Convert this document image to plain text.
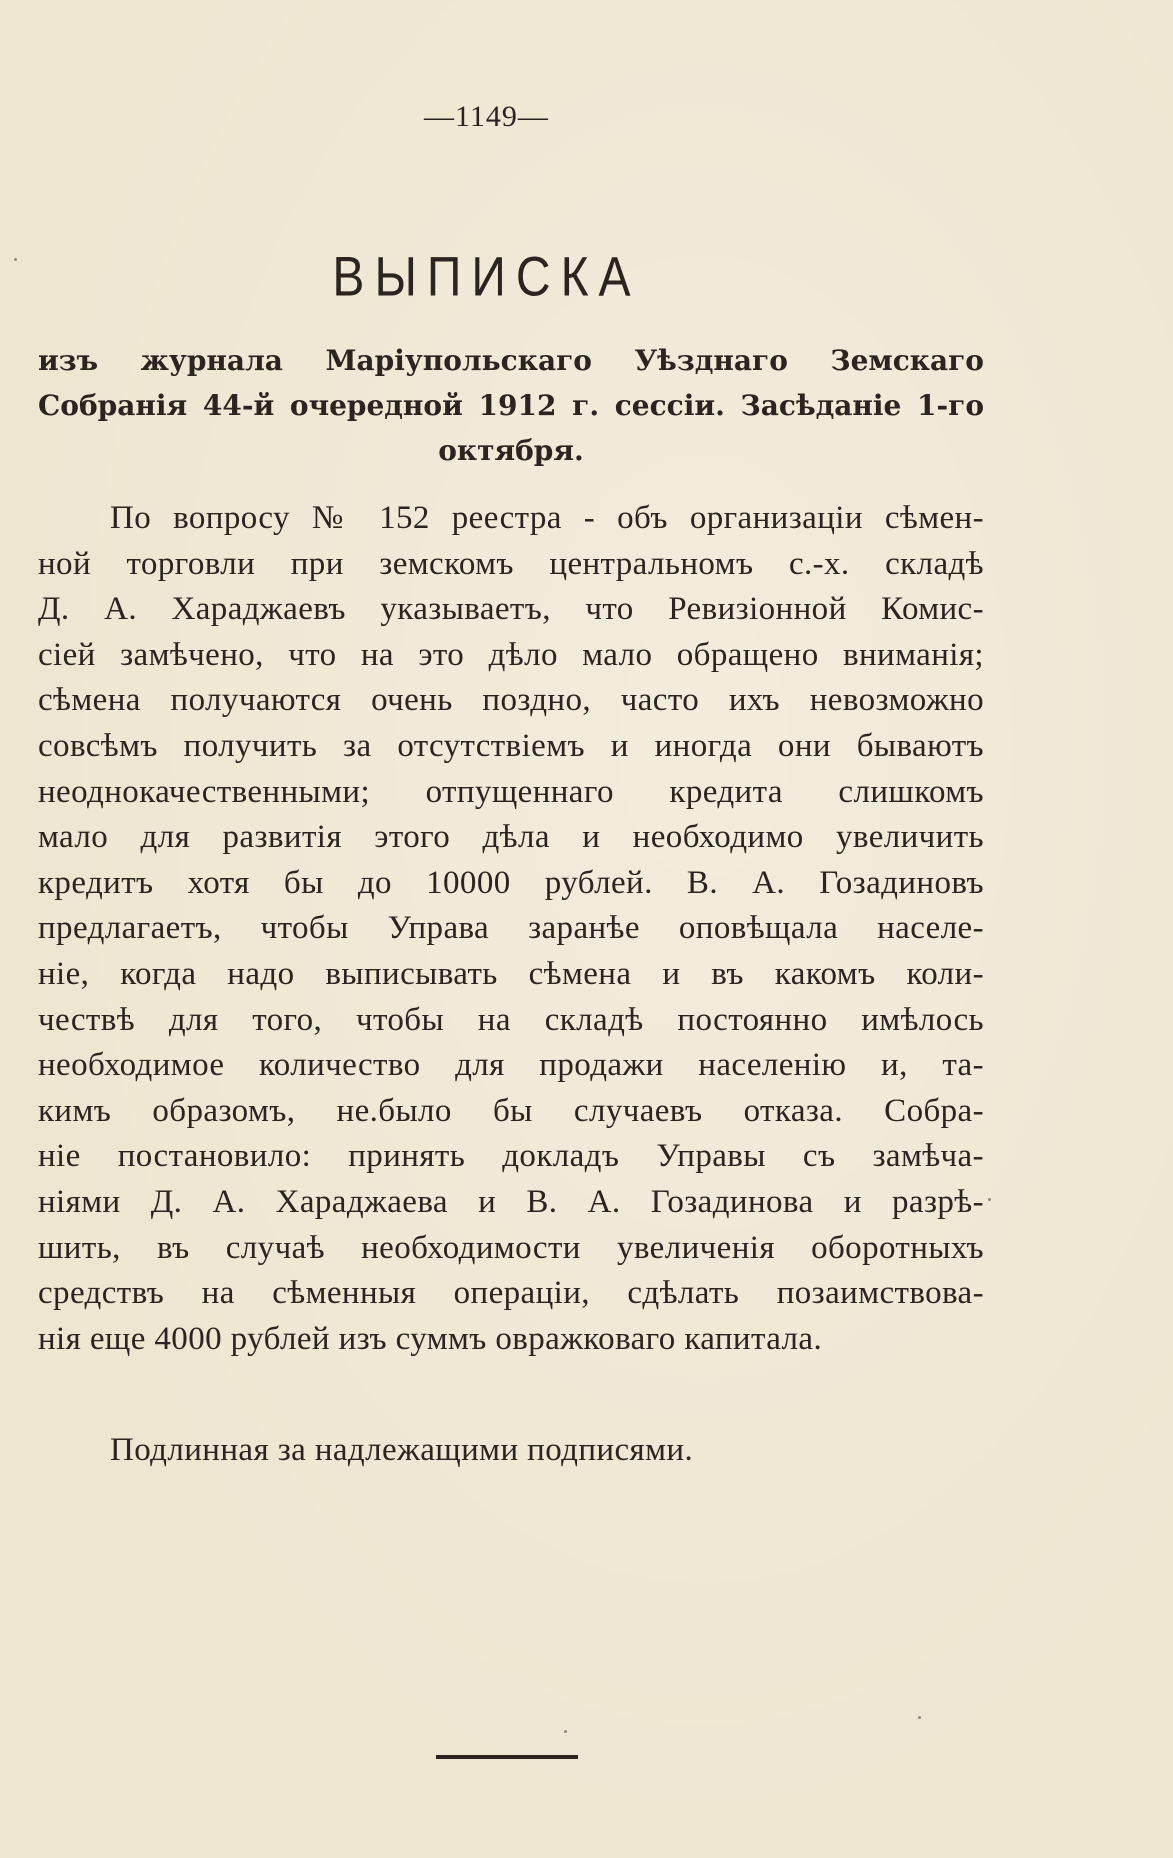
—1149—
ВЫПИСКА
изъ журнала Маріупольскаго Уѣзднаго Земскаго Собранія 44-й очередной 1912 г. сессіи. Засѣданіе 1-го октября.
По вопросу № 152 реестра - объ организаціи сѣмен-
ной торговли при земскомъ центральномъ с.-х. складѣ
Д. А. Хараджаевъ указываетъ, что Ревизіонной Комис-
сіей замѣчено, что на это дѣло мало обращено вниманія;
сѣмена получаются очень поздно, часто ихъ невозможно
совсѣмъ получить за отсутствіемъ и иногда они бываютъ
неоднокачественными; отпущеннаго кредита слишкомъ
мало для развитія этого дѣла и необходимо увеличить
кредитъ хотя бы до 10000 рублей. В. А. Гозадиновъ
предлагаетъ, чтобы Управа заранѣе оповѣщала населе-
ніе, когда надо выписывать сѣмена и въ какомъ коли-
чествѣ для того, чтобы на складѣ постоянно имѣлось
необходимое количество для продажи населенію и, та-
кимъ образомъ, не.было бы случаевъ отказа. Собра-
ніе постановило: принять докладъ Управы съ замѣча-
ніями Д. А. Хараджаева и В. А. Гозадинова и разрѣ-
шить, въ случаѣ необходимости увеличенія оборотныхъ
средствъ на сѣменныя операціи, сдѣлать позаимствова-
нія еще 4000 рублей изъ суммъ овражковаго капитала.
Подлинная за надлежащими подписями.
